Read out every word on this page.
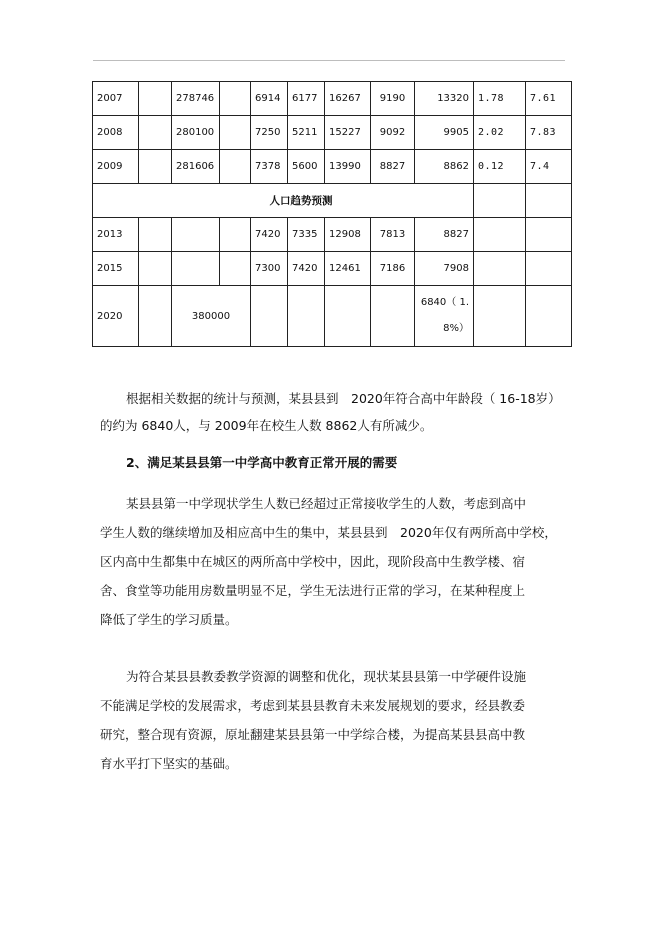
2007		278746		6914	6177	16267	9190	13320	1.78	7.61
2008		280100		7250	5211	15227	9092	9905	2.02	7.83
2009		281606		7378	5600	13990	8827	8862	0.12	7.4
人口趋势预测										
2013				7420	7335	12908	7813	8827		
2015				7300	7420	12461	7186	7908		
2020		380000						6840（ 1.
8%）		

根据相关数据的统计与预测，某县县到　2020年符合高中年龄段（ 16-18岁）
的约为 6840人，与 2009年在校生人数 8862人有所减少。
2、满足某县县第一中学高中教育正常开展的需要
某县县第一中学现状学生人数已经超过正常接收学生的人数，考虑到高中
学生人数的继续增加及相应高中生的集中，某县县到　2020年仅有两所高中学校，
区内高中生都集中在城区的两所高中学校中，因此，现阶段高中生教学楼、宿
舍、食堂等功能用房数量明显不足，学生无法进行正常的学习，在某种程度上
降低了学生的学习质量。
为符合某县县教委教学资源的调整和优化，现状某县县第一中学硬件设施
不能满足学校的发展需求，考虑到某县县教育未来发展规划的要求，经县教委
研究，整合现有资源，原址翻建某县县第一中学综合楼，为提高某县县高中教
育水平打下坚实的基础。
